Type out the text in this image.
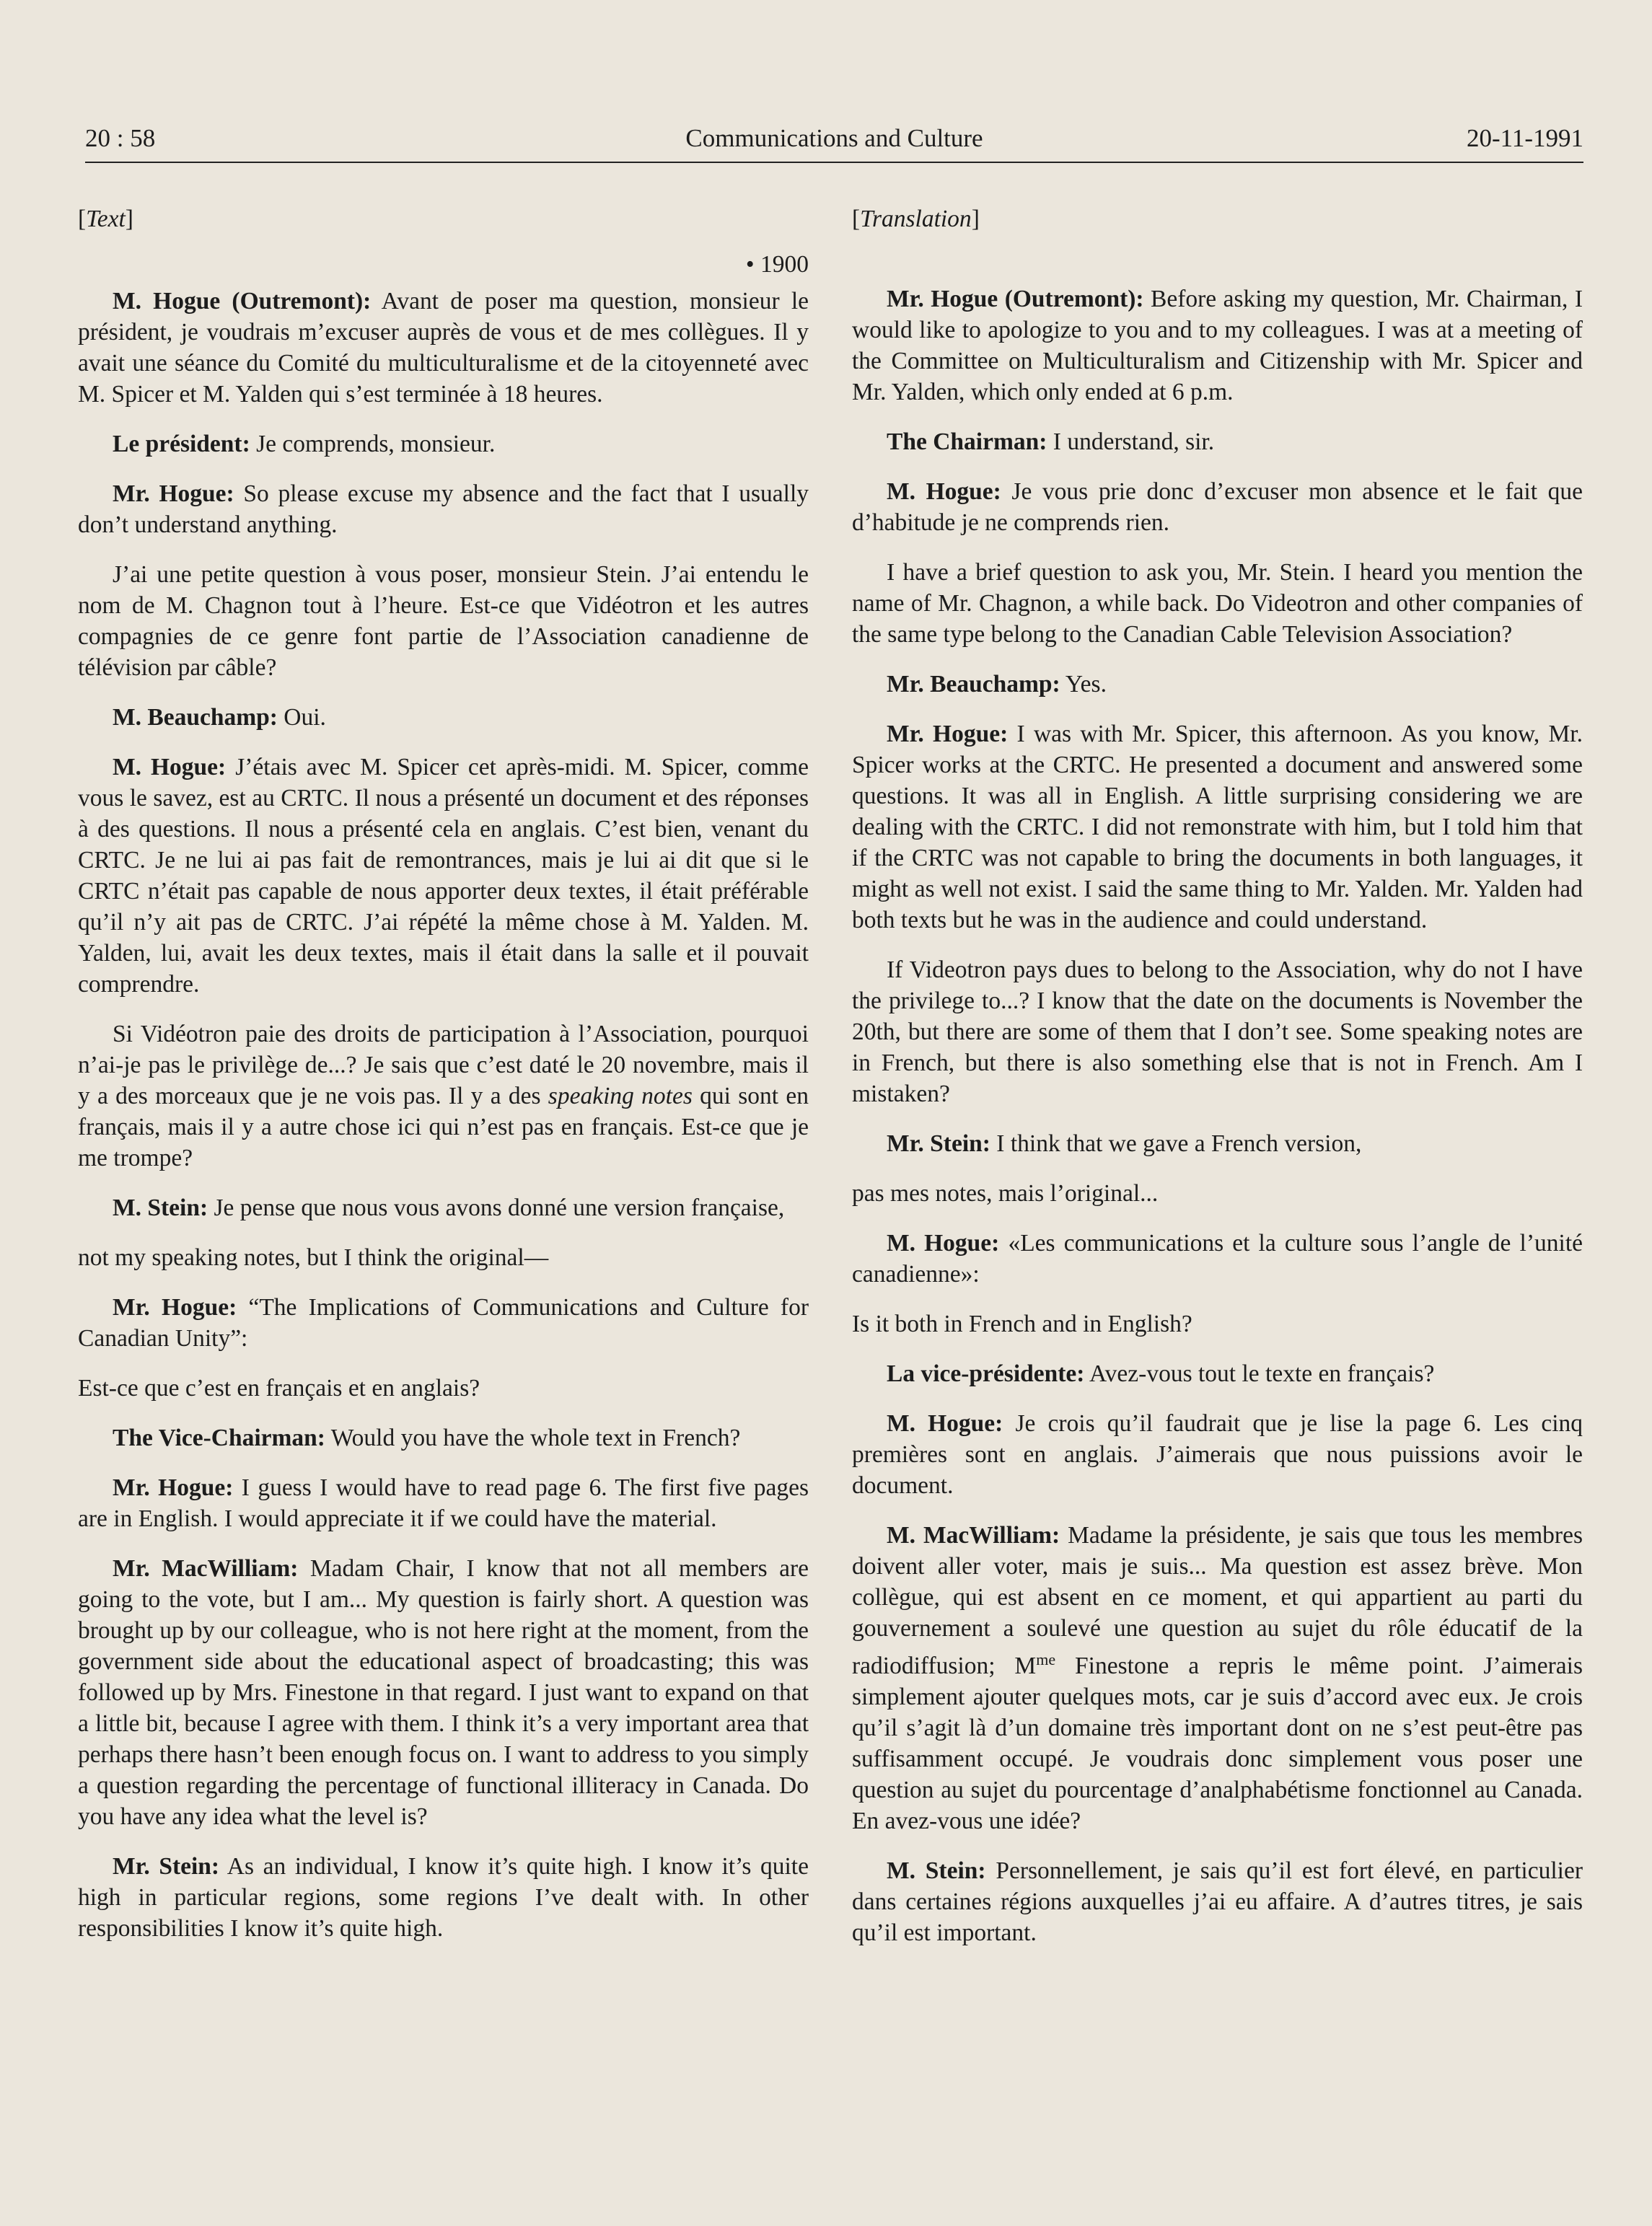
20 : 58	Communications and Culture	20-11-1991

[Text]

• 1900

M. Hogue (Outremont): Avant de poser ma question, monsieur le président, je voudrais m’excuser auprès de vous et de mes collègues. Il y avait une séance du Comité du multiculturalisme et de la citoyenneté avec M. Spicer et M. Yalden qui s’est terminée à 18 heures.

Le président: Je comprends, monsieur.

Mr. Hogue: So please excuse my absence and the fact that I usually don’t understand anything.

J’ai une petite question à vous poser, monsieur Stein. J’ai entendu le nom de M. Chagnon tout à l’heure. Est-ce que Vidéotron et les autres compagnies de ce genre font partie de l’Association canadienne de télévision par câble?

M. Beauchamp: Oui.

M. Hogue: J’étais avec M. Spicer cet après-midi. M. Spicer, comme vous le savez, est au CRTC. Il nous a présenté un document et des réponses à des questions. Il nous a présenté cela en anglais. C’est bien, venant du CRTC. Je ne lui ai pas fait de remontrances, mais je lui ai dit que si le CRTC n’était pas capable de nous apporter deux textes, il était préférable qu’il n’y ait pas de CRTC. J’ai répété la même chose à M. Yalden. M. Yalden, lui, avait les deux textes, mais il était dans la salle et il pouvait comprendre.

Si Vidéotron paie des droits de participation à l’Association, pourquoi n’ai-je pas le privilège de...? Je sais que c’est daté le 20 novembre, mais il y a des morceaux que je ne vois pas. Il y a des speaking notes qui sont en français, mais il y a autre chose ici qui n’est pas en français. Est-ce que je me trompe?

M. Stein: Je pense que nous vous avons donné une version française,

not my speaking notes, but I think the original—

Mr. Hogue: “The Implications of Communications and Culture for Canadian Unity”:

Est-ce que c’est en français et en anglais?

The Vice-Chairman: Would you have the whole text in French?

Mr. Hogue: I guess I would have to read page 6. The first five pages are in English. I would appreciate it if we could have the material.

Mr. MacWilliam: Madam Chair, I know that not all members are going to the vote, but I am... My question is fairly short. A question was brought up by our colleague, who is not here right at the moment, from the government side about the educational aspect of broadcasting; this was followed up by Mrs. Finestone in that regard. I just want to expand on that a little bit, because I agree with them. I think it’s a very important area that perhaps there hasn’t been enough focus on. I want to address to you simply a question regarding the percentage of functional illiteracy in Canada. Do you have any idea what the level is?

Mr. Stein: As an individual, I know it’s quite high. I know it’s quite high in particular regions, some regions I’ve dealt with. In other responsibilities I know it’s quite high.

[Translation]

Mr. Hogue (Outremont): Before asking my question, Mr. Chairman, I would like to apologize to you and to my colleagues. I was at a meeting of the Committee on Multiculturalism and Citizenship with Mr. Spicer and Mr. Yalden, which only ended at 6 p.m.

The Chairman: I understand, sir.

M. Hogue: Je vous prie donc d’excuser mon absence et le fait que d’habitude je ne comprends rien.

I have a brief question to ask you, Mr. Stein. I heard you mention the name of Mr. Chagnon, a while back. Do Videotron and other companies of the same type belong to the Canadian Cable Television Association?

Mr. Beauchamp: Yes.

Mr. Hogue: I was with Mr. Spicer, this afternoon. As you know, Mr. Spicer works at the CRTC. He presented a document and answered some questions. It was all in English. A little surprising considering we are dealing with the CRTC. I did not remonstrate with him, but I told him that if the CRTC was not capable to bring the documents in both languages, it might as well not exist. I said the same thing to Mr. Yalden. Mr. Yalden had both texts but he was in the audience and could understand.

If Videotron pays dues to belong to the Association, why do not I have the privilege to...? I know that the date on the documents is November the 20th, but there are some of them that I don’t see. Some speaking notes are in French, but there is also something else that is not in French. Am I mistaken?

Mr. Stein: I think that we gave a French version,

pas mes notes, mais l’original...

M. Hogue: «Les communications et la culture sous l’angle de l’unité canadienne»:

Is it both in French and in English?

La vice-présidente: Avez-vous tout le texte en français?

M. Hogue: Je crois qu’il faudrait que je lise la page 6. Les cinq premières sont en anglais. J’aimerais que nous puissions avoir le document.

M. MacWilliam: Madame la présidente, je sais que tous les membres doivent aller voter, mais je suis... Ma question est assez brève. Mon collègue, qui est absent en ce moment, et qui appartient au parti du gouvernement a soulevé une question au sujet du rôle éducatif de la radiodiffusion; $M^{me}$ Finestone a repris le même point. J’aimerais simplement ajouter quelques mots, car je suis d’accord avec eux. Je crois qu’il s’agit là d’un domaine très important dont on ne s’est peut-être pas suffisamment occupé. Je voudrais donc simplement vous poser une question au sujet du pourcentage d’analphabétisme fonctionnel au Canada. En avez-vous une idée?

M. Stein: Personnellement, je sais qu’il est fort élevé, en particulier dans certaines régions auxquelles j’ai eu affaire. A d’autres titres, je sais qu’il est important.
